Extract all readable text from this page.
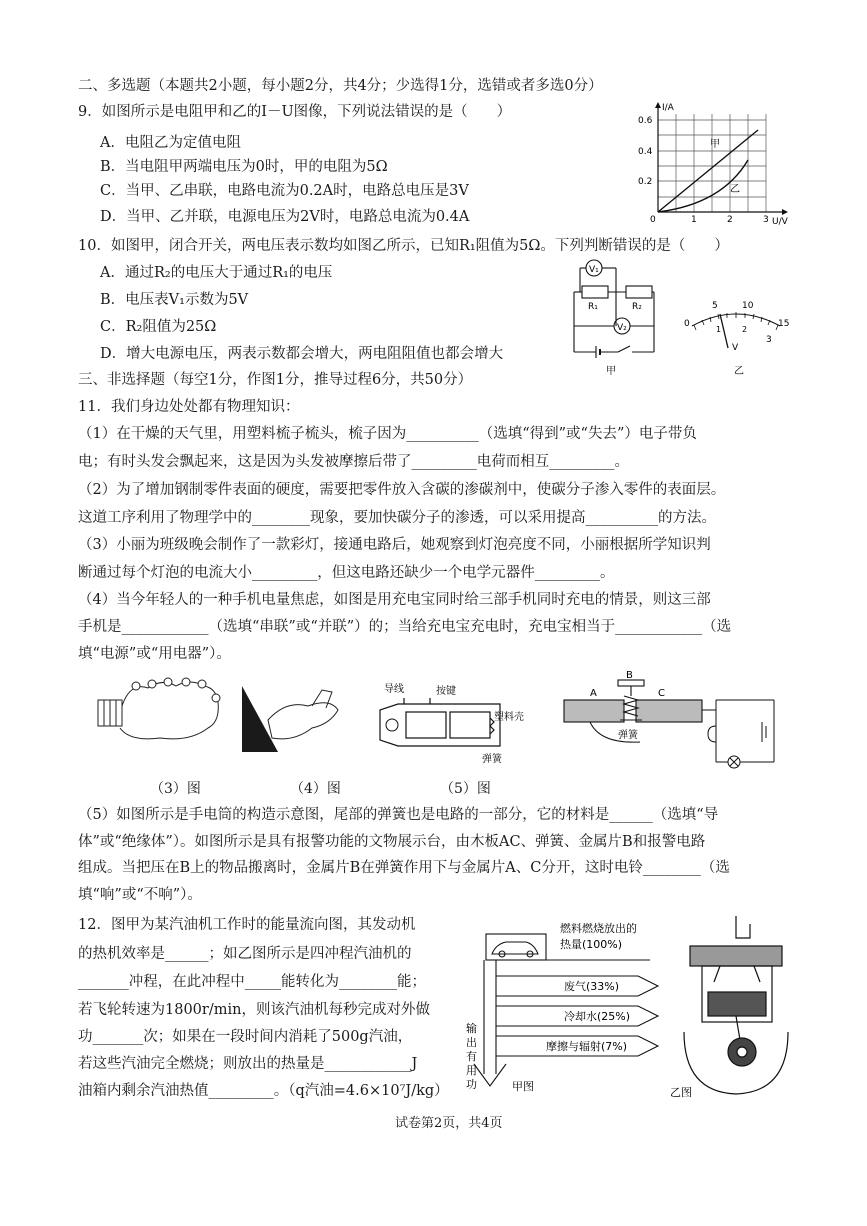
二、多选题（本题共2小题，每小题2分，共4分；少选得1分，选错或者多选0分）
9．如图所示是电阻甲和乙的I－U图像，下列说法错误的是（　　）
A．电阻乙为定值电阻
B．当电阻甲两端电压为0时，甲的电阻为5Ω
C．当甲、乙串联，电路电流为0.2A时，电路总电压是3V
D．当甲、乙并联，电源电压为2V时，电路总电流为0.4A
甲
乙
I/A
U/V
0.6
0.4
0.2
0	1	2	3
10．如图甲，闭合开关，两电压表示数均如图乙所示，已知R₁阻值为5Ω。下列判断错误的是（　　）
A．通过R₂的电压大于通过R₁的电压
B．电压表V₁示数为5V
C．R₂阻值为25Ω
D．增大电源电压，两表示数都会增大，两电阻阻值也都会增大
V₁
V₂
R₁	R₂
甲
5	10
15
0
1	2
3
V
乙
三、非选择题（每空1分，作图1分，推导过程6分，共50分）
11．我们身边处处都有物理知识：
（1）在干燥的天气里，用塑料梳子梳头，梳子因为__________（选填“得到”或“失去”）电子带负
电；有时头发会飘起来，这是因为头发被摩擦后带了_________电荷而相互_________。
（2）为了增加钢制零件表面的硬度，需要把零件放入含碳的渗碳剂中，使碳分子渗入零件的表面层。
这道工序利用了物理学中的________现象，要加快碳分子的渗透，可以采用提高__________的方法。
（3）小丽为班级晚会制作了一款彩灯，接通电路后，她观察到灯泡亮度不同，小丽根据所学知识判
断通过每个灯泡的电流大小_________，但这电路还缺少一个电学元器件_________。
（4）当今年轻人的一种手机电量焦虑，如图是用充电宝同时给三部手机同时充电的情景，则这三部
手机是____________（选填“串联”或“并联”）的；当给充电宝充电时，充电宝相当于____________（选
填“电源”或“用电器”）。
导线	按键
塑料壳
弹簧
B
A	C
弹簧
（3）图	（4）图	（5）图
（5）如图所示是手电筒的构造示意图，尾部的弹簧也是电路的一部分，它的材料是______（选填“导
体”或“绝缘体”）。如图所示是具有报警功能的文物展示台，由木板AC、弹簧、金属片B和报警电路
组成。当把压在B上的物品搬离时，金属片B在弹簧作用下与金属片A、C分开，这时电铃________（选
填“响”或“不响”）。
12．图甲为某汽油机工作时的能量流向图，其发动机
的热机效率是______；如乙图所示是四冲程汽油机的
_______冲程，在此冲程中_____能转化为________能；
若飞轮转速为1800r/min，则该汽油机每秒完成对外做
功_______次；如果在一段时间内消耗了500g汽油，
若这些汽油完全燃烧；则放出的热量是____________J
油箱内剩余汽油热值_________。（q汽油=4.6×10⁷J/kg）
燃料燃烧放出的
热量(100%)
废气(33%)
冷却水(25%)
摩擦与辐射(7%)
输
出
有
用
功	甲图	乙图
试卷第2页，共4页
